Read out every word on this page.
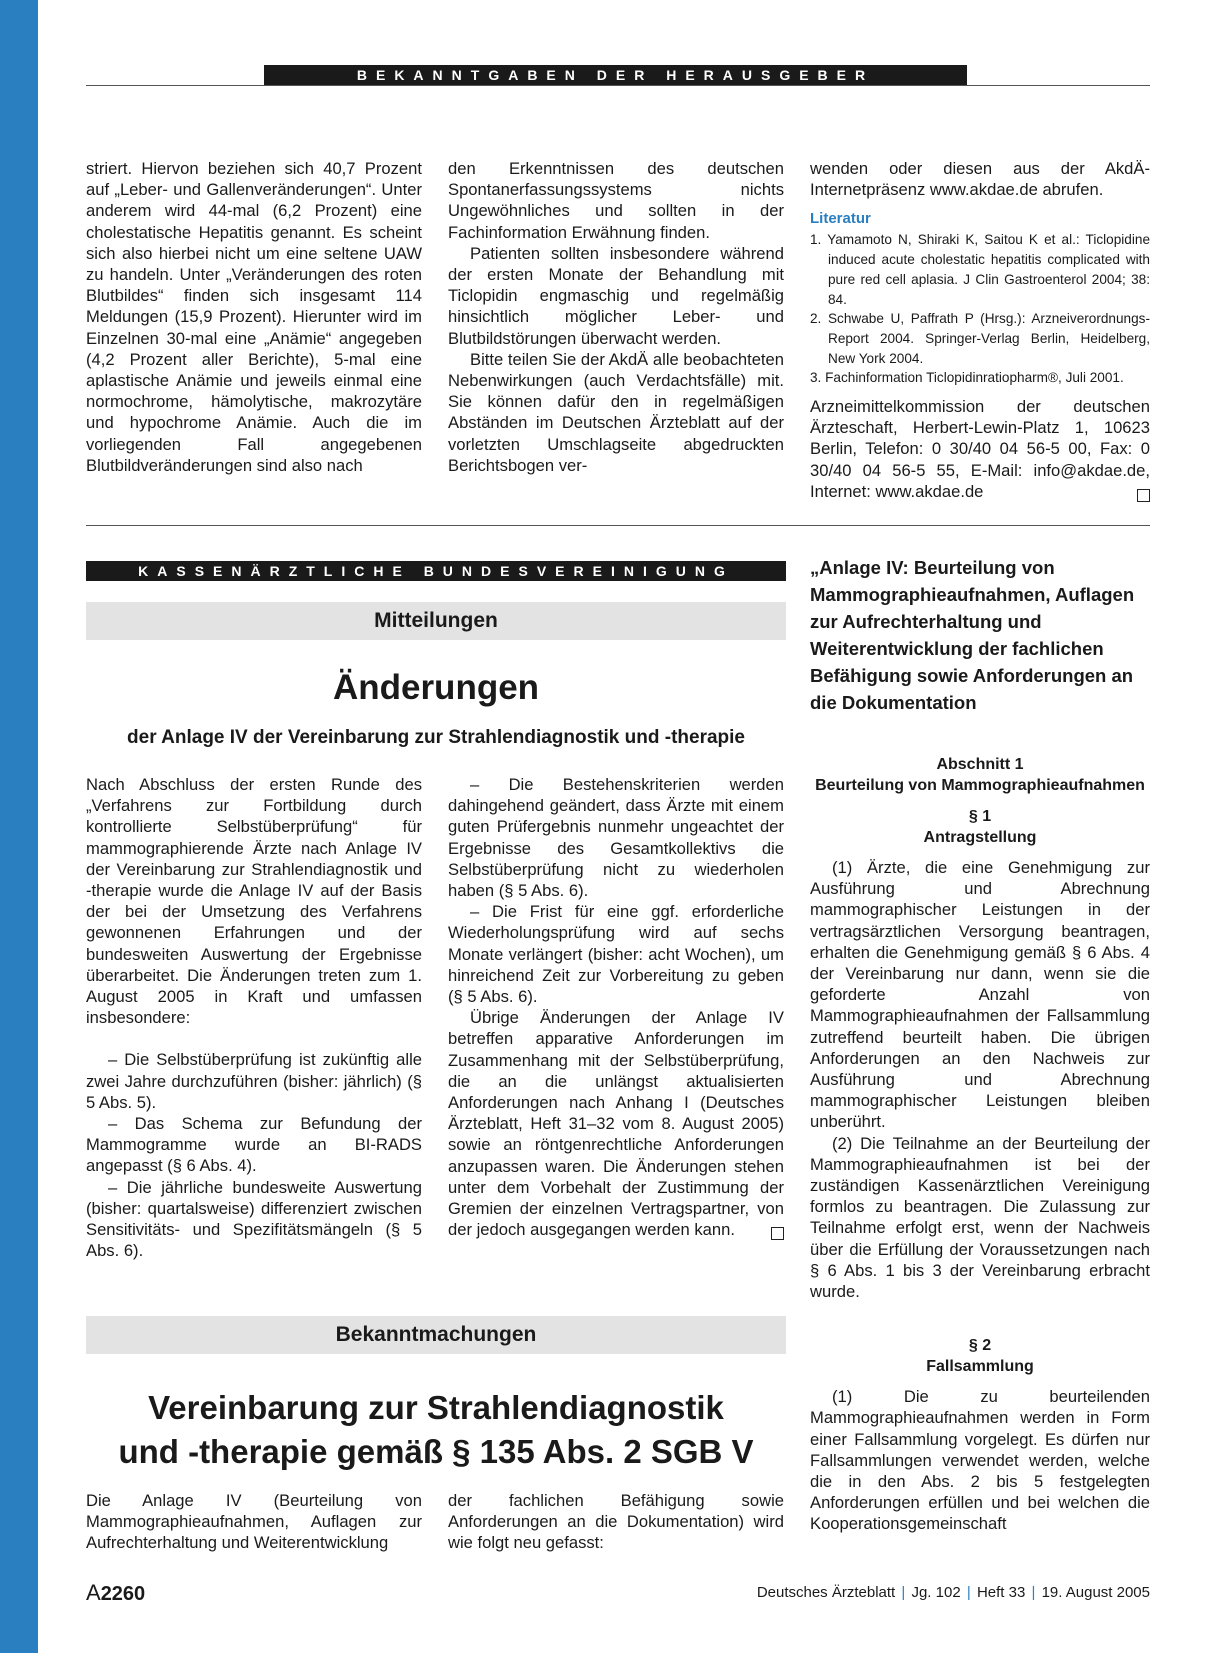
BEKANNTGABEN DER HERAUSGEBER
striert. Hiervon beziehen sich 40,7 Prozent auf „Leber- und Gallenveränderungen“. Unter anderem wird 44-mal (6,2 Prozent) eine cholestatische Hepatitis genannt. Es scheint sich also hierbei nicht um eine seltene UAW zu handeln. Unter „Veränderungen des roten Blutbildes“ finden sich insgesamt 114 Meldungen (15,9 Prozent). Hierunter wird im Einzelnen 30-mal eine „Anämie“ angegeben (4,2 Prozent aller Berichte), 5-mal eine aplastische Anämie und jeweils einmal eine normochrome, hämolytische, makrozytäre und hypochrome Anämie. Auch die im vorliegenden Fall angegebenen Blutbildveränderungen sind also nach
den Erkenntnissen des deutschen Spontanerfassungssystems nichts Ungewöhnliches und sollten in der Fachinformation Erwähnung finden.
Patienten sollten insbesondere während der ersten Monate der Behandlung mit Ticlopidin engmaschig und regelmäßig hinsichtlich möglicher Leber- und Blutbildstörungen überwacht werden.
Bitte teilen Sie der AkdÄ alle beobachteten Nebenwirkungen (auch Verdachtsfälle) mit. Sie können dafür den in regelmäßigen Abständen im Deutschen Ärzteblatt auf der vorletzten Umschlagseite abgedruckten Berichtsbogen ver-

wenden oder diesen aus der AkdÄ-Internetpräsenz www.akdae.de abrufen.

Literatur
1. Yamamoto N, Shiraki K, Saitou K et al.: Ticlopidine induced acute cholestatic hepatitis complicated with pure red cell aplasia. J Clin Gastroenterol 2004; 38: 84.
2. Schwabe U, Paffrath P (Hrsg.): Arzneiverordnungs-Report 2004. Springer-Verlag Berlin, Heidelberg, New York 2004.
3. Fachinformation Ticlopidinratiopharm®, Juli 2001.

Arzneimittelkommission der deutschen Ärzteschaft, Herbert-Lewin-Platz 1, 10623 Berlin, Telefon: 0 30/40 04 56-5 00, Fax: 0 30/40 04 56-5 55, E-Mail: info@akdae.de, Internet: www.akdae.de

KASSENÄRZTLICHE BUNDESVEREINIGUNG
Mitteilungen
Änderungen
der Anlage IV der Vereinbarung zur Strahlendiagnostik und -therapie
Nach Abschluss der ersten Runde des „Verfahrens zur Fortbildung durch kontrollierte Selbstüberprüfung“ für mammographierende Ärzte nach Anlage IV der Vereinbarung zur Strahlendiagnostik und -therapie wurde die Anlage IV auf der Basis der bei der Umsetzung des Verfahrens gewonnenen Erfahrungen und der bundesweiten Auswertung der Ergebnisse überarbeitet. Die Änderungen treten zum 1. August 2005 in Kraft und umfassen insbesondere:
– Die Selbstüberprüfung ist zukünftig alle zwei Jahre durchzuführen (bisher: jährlich) (§ 5 Abs. 5).
– Das Schema zur Befundung der Mammogramme wurde an BI-RADS angepasst (§ 6 Abs. 4).
– Die jährliche bundesweite Auswertung (bisher: quartalsweise) differenziert zwischen Sensitivitäts- und Spezifitätsmängeln (§ 5 Abs. 6).
– Die Bestehenskriterien werden dahingehend geändert, dass Ärzte mit einem guten Prüfergebnis nunmehr ungeachtet der Ergebnisse des Gesamtkollektivs die Selbstüberprüfung nicht zu wiederholen haben (§ 5 Abs. 6).
– Die Frist für eine ggf. erforderliche Wiederholungsprüfung wird auf sechs Monate verlängert (bisher: acht Wochen), um hinreichend Zeit zur Vorbereitung zu geben (§ 5 Abs. 6).
Übrige Änderungen der Anlage IV betreffen apparative Anforderungen im Zusammenhang mit der Selbstüberprüfung, die an die unlängst aktualisierten Anforderungen nach Anhang I (Deutsches Ärzteblatt, Heft 31–32 vom 8. August 2005) sowie an röntgenrechtliche Anforderungen anzupassen waren. Die Änderungen stehen unter dem Vorbehalt der Zustimmung der Gremien der einzelnen Vertragspartner, von der jedoch ausgegangen werden kann.
Bekanntmachungen
Vereinbarung zur Strahlendiagnostik
und -therapie gemäß § 135 Abs. 2 SGB V
Die Anlage IV (Beurteilung von Mammographieaufnahmen, Auflagen zur Aufrechterhaltung und Weiterentwicklung
der fachlichen Befähigung sowie Anforderungen an die Dokumentation) wird wie folgt neu gefasst:
„Anlage IV: Beurteilung von Mammographieaufnahmen, Auflagen zur Aufrechterhaltung und Weiterentwicklung der fachlichen Befähigung sowie Anforderungen an die Dokumentation
Abschnitt 1
Beurteilung von Mammographieaufnahmen
§ 1
Antragstellung

(1) Ärzte, die eine Genehmigung zur Ausführung und Abrechnung mammographischer Leistungen in der vertragsärztlichen Versorgung beantragen, erhalten die Genehmigung gemäß § 6 Abs. 4 der Vereinbarung nur dann, wenn sie die geforderte Anzahl von Mammographieaufnahmen der Fallsammlung zutreffend beurteilt haben. Die übrigen Anforderungen an den Nachweis zur Ausführung und Abrechnung mammographischer Leistungen bleiben unberührt.
(2) Die Teilnahme an der Beurteilung der Mammographieaufnahmen ist bei der zuständigen Kassenärztlichen Vereinigung formlos zu beantragen. Die Zulassung zur Teilnahme erfolgt erst, wenn der Nachweis über die Erfüllung der Voraussetzungen nach § 6 Abs. 1 bis 3 der Vereinbarung erbracht wurde.

§ 2
Fallsammlung

(1) Die zu beurteilenden Mammographieaufnahmen werden in Form einer Fallsammlung vorgelegt. Es dürfen nur Fallsammlungen verwendet werden, welche die in den Abs. 2 bis 5 festgelegten Anforderungen erfüllen und bei welchen die Kooperationsgemeinschaft

A2260	Deutsches Ärzteblatt | Jg. 102 | Heft 33 | 19. August 2005
